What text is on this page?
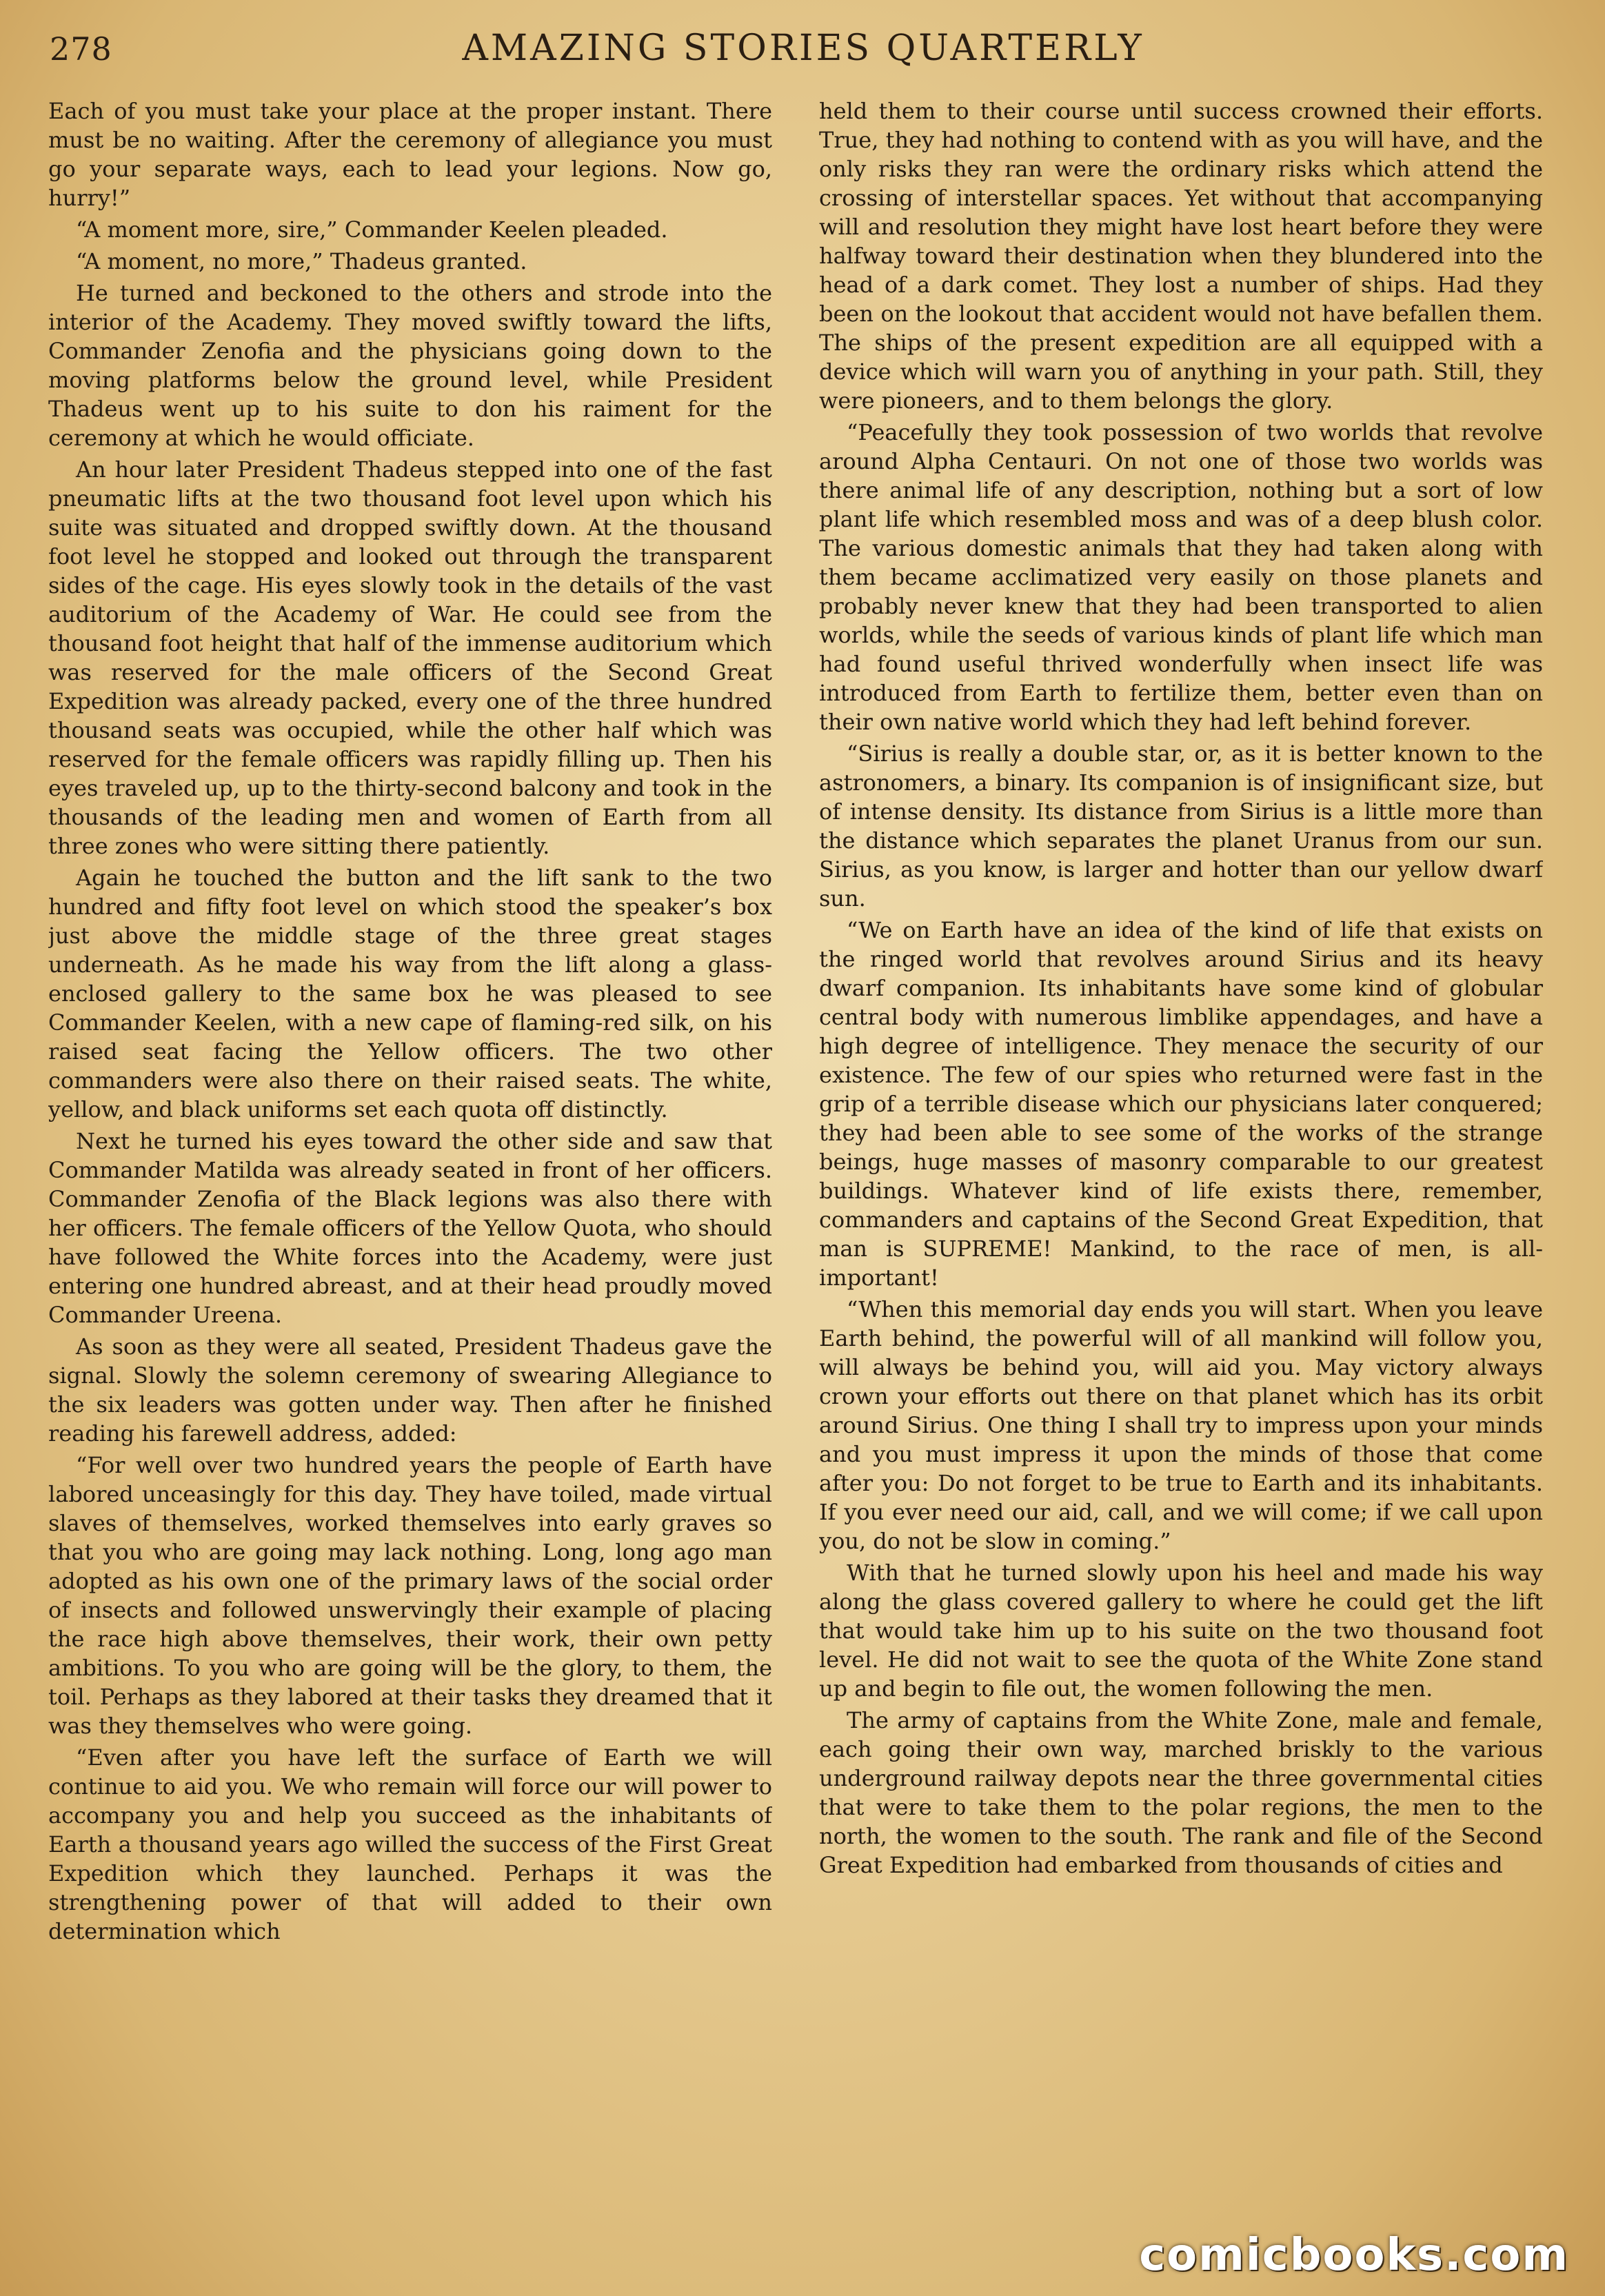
278	AMAZING STORIES QUARTERLY

Each of you must take your place at the proper instant. There must be no waiting. After the ceremony of allegiance you must go your separate ways, each to lead your legions. Now go, hurry!”

“A moment more, sire,” Commander Keelen pleaded.

“A moment, no more,” Thadeus granted.

He turned and beckoned to the others and strode into the interior of the Academy. They moved swiftly toward the lifts, Commander Zenofia and the physicians going down to the moving platforms below the ground level, while President Thadeus went up to his suite to don his raiment for the ceremony at which he would officiate.

An hour later President Thadeus stepped into one of the fast pneumatic lifts at the two thousand foot level upon which his suite was situated and dropped swiftly down. At the thousand foot level he stopped and looked out through the transparent sides of the cage. His eyes slowly took in the details of the vast auditorium of the Academy of War. He could see from the thousand foot height that half of the immense auditorium which was reserved for the male officers of the Second Great Expedition was already packed, every one of the three hundred thousand seats was occupied, while the other half which was reserved for the female officers was rapidly filling up. Then his eyes traveled up, up to the thirty-second balcony and took in the thousands of the leading men and women of Earth from all three zones who were sitting there patiently.

Again he touched the button and the lift sank to the two hundred and fifty foot level on which stood the speaker’s box just above the middle stage of the three great stages underneath. As he made his way from the lift along a glass-enclosed gallery to the same box he was pleased to see Commander Keelen, with a new cape of flaming-red silk, on his raised seat facing the Yellow officers. The two other commanders were also there on their raised seats. The white, yellow, and black uniforms set each quota off distinctly.

Next he turned his eyes toward the other side and saw that Commander Matilda was already seated in front of her officers. Commander Zenofia of the Black legions was also there with her officers. The female officers of the Yellow Quota, who should have followed the White forces into the Academy, were just entering one hundred abreast, and at their head proudly moved Commander Ureena.

As soon as they were all seated, President Thadeus gave the signal. Slowly the solemn ceremony of swearing Allegiance to the six leaders was gotten under way. Then after he finished reading his farewell address, added:

“For well over two hundred years the people of Earth have labored unceasingly for this day. They have toiled, made virtual slaves of themselves, worked themselves into early graves so that you who are going may lack nothing. Long, long ago man adopted as his own one of the primary laws of the social order of insects and followed unswervingly their example of placing the race high above themselves, their work, their own petty ambitions. To you who are going will be the glory, to them, the toil. Perhaps as they labored at their tasks they dreamed that it was they themselves who were going.

“Even after you have left the surface of Earth we will continue to aid you. We who remain will force our will power to accompany you and help you succeed as the inhabitants of Earth a thousand years ago willed the success of the First Great Expedition which they launched. Perhaps it was the strengthening power of that will added to their own determination which

held them to their course until success crowned their efforts. True, they had nothing to contend with as you will have, and the only risks they ran were the ordinary risks which attend the crossing of interstellar spaces. Yet without that accompanying will and resolution they might have lost heart before they were halfway toward their destination when they blundered into the head of a dark comet. They lost a number of ships. Had they been on the lookout that accident would not have befallen them. The ships of the present expedition are all equipped with a device which will warn you of anything in your path. Still, they were pioneers, and to them belongs the glory.

“Peacefully they took possession of two worlds that revolve around Alpha Centauri. On not one of those two worlds was there animal life of any description, nothing but a sort of low plant life which resembled moss and was of a deep blush color. The various domestic animals that they had taken along with them became acclimatized very easily on those planets and probably never knew that they had been transported to alien worlds, while the seeds of various kinds of plant life which man had found useful thrived wonderfully when insect life was introduced from Earth to fertilize them, better even than on their own native world which they had left behind forever.

“Sirius is really a double star, or, as it is better known to the astronomers, a binary. Its companion is of insignificant size, but of intense density. Its distance from Sirius is a little more than the distance which separates the planet Uranus from our sun. Sirius, as you know, is larger and hotter than our yellow dwarf sun.

“We on Earth have an idea of the kind of life that exists on the ringed world that revolves around Sirius and its heavy dwarf companion. Its inhabitants have some kind of globular central body with numerous limblike appendages, and have a high degree of intelligence. They menace the security of our existence. The few of our spies who returned were fast in the grip of a terrible disease which our physicians later conquered; they had been able to see some of the works of the strange beings, huge masses of masonry comparable to our greatest buildings. Whatever kind of life exists there, remember, commanders and captains of the Second Great Expedition, that man is SUPREME! Mankind, to the race of men, is all-important!

“When this memorial day ends you will start. When you leave Earth behind, the powerful will of all mankind will follow you, will always be behind you, will aid you. May victory always crown your efforts out there on that planet which has its orbit around Sirius. One thing I shall try to impress upon your minds and you must impress it upon the minds of those that come after you: Do not forget to be true to Earth and its inhabitants. If you ever need our aid, call, and we will come; if we call upon you, do not be slow in coming.”

With that he turned slowly upon his heel and made his way along the glass covered gallery to where he could get the lift that would take him up to his suite on the two thousand foot level. He did not wait to see the quota of the White Zone stand up and begin to file out, the women following the men.

The army of captains from the White Zone, male and female, each going their own way, marched briskly to the various underground railway depots near the three governmental cities that were to take them to the polar regions, the men to the north, the women to the south. The rank and file of the Second Great Expedition had embarked from thousands of cities and

comicbooks.com
